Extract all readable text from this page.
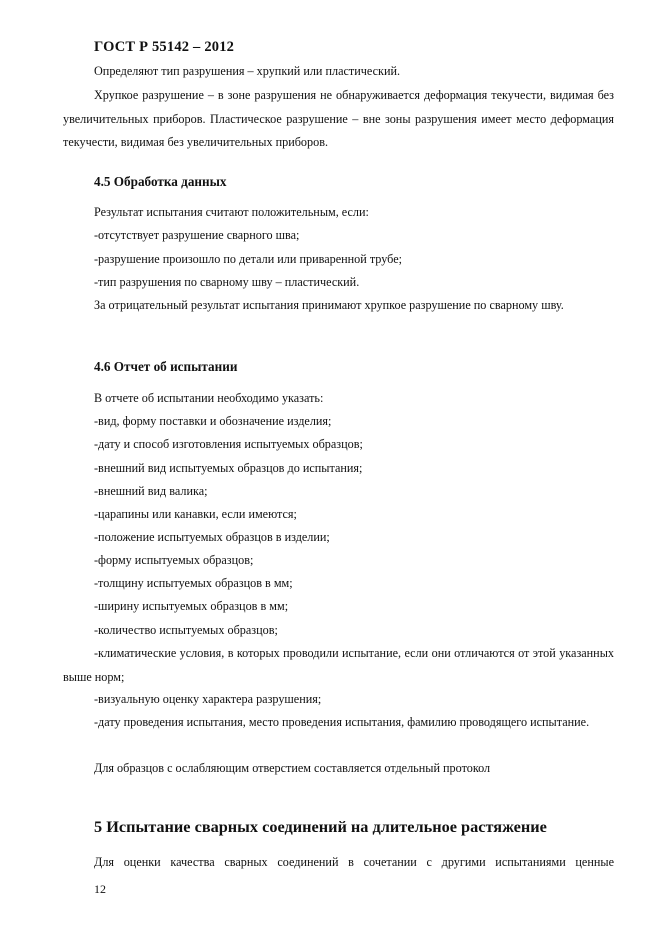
ГОСТ Р 55142 – 2012
Определяют тип разрушения – хрупкий или пластический.
Хрупкое разрушение – в зоне разрушения не обнаруживается деформация текучести, видимая без увеличительных приборов. Пластическое разрушение – вне зоны разрушения имеет место деформация текучести, видимая без увеличительных приборов.
4.5 Обработка данных
Результат испытания считают положительным, если:
-отсутствует разрушение сварного шва;
-разрушение произошло по детали или приваренной трубе;
-тип разрушения по сварному шву – пластический.
За отрицательный результат испытания принимают хрупкое разрушение по сварному шву.
4.6 Отчет об испытании
В отчете об испытании необходимо указать:
-вид, форму поставки и обозначение изделия;
-дату и способ изготовления испытуемых образцов;
-внешний вид испытуемых образцов до испытания;
-внешний вид валика;
-царапины или канавки, если имеются;
-положение испытуемых образцов в изделии;
-форму испытуемых образцов;
-толщину испытуемых образцов в мм;
-ширину испытуемых образцов в мм;
-количество испытуемых образцов;
-климатические условия, в которых проводили испытание, если они отличаются от этой указанных выше норм;
-визуальную оценку характера разрушения;
-дату проведения испытания, место проведения испытания, фамилию проводящего испытание.
Для образцов с ослабляющим отверстием составляется отдельный протокол
5 Испытание сварных соединений на длительное растяжение
Для оценки качества сварных соединений в сочетании с другими испытаниями ценные
12
